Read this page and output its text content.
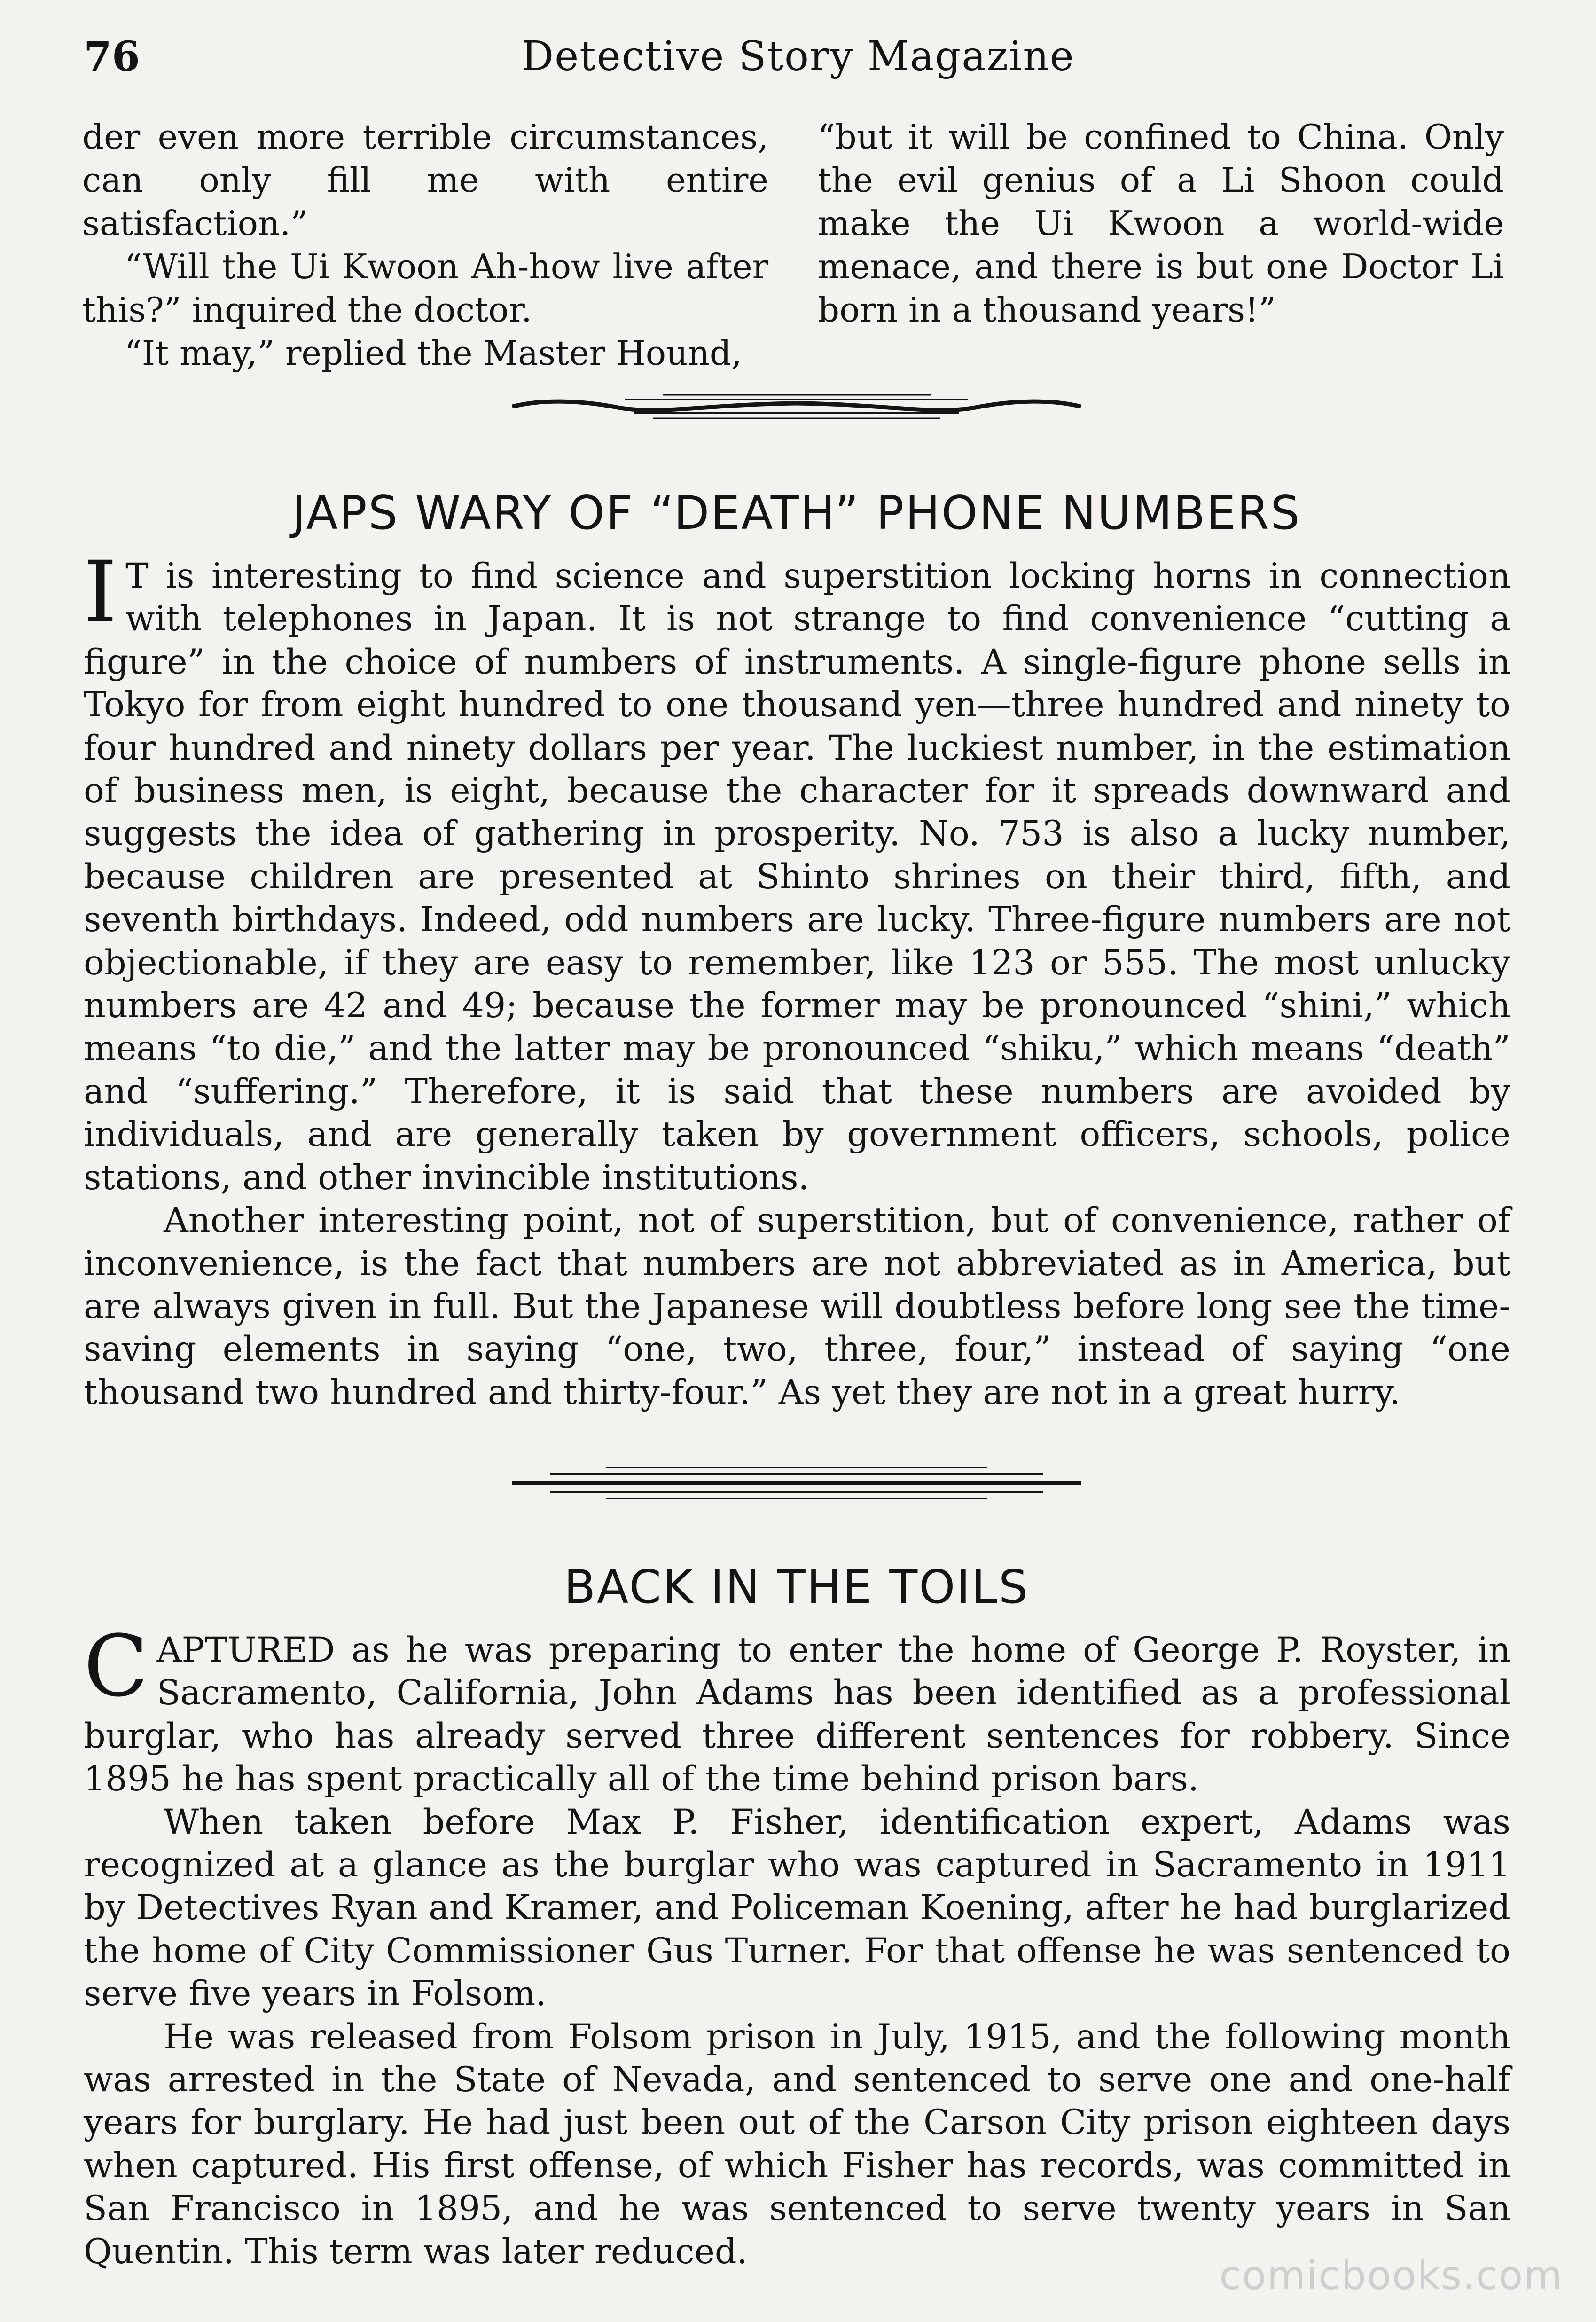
76	Detective Story Magazine

der even more terrible circumstances, can only fill me with entire satisfaction.”

“Will the Ui Kwoon Ah-how live after this?” inquired the doctor.

“It may,” replied the Master Hound,

“but it will be confined to China. Only the evil genius of a Li Shoon could make the Ui Kwoon a world-wide menace, and there is but one Doctor Li born in a thousand years!”

JAPS WARY OF “DEATH” PHONE NUMBERS

I T is interesting to find science and superstition locking horns in connection with telephones in Japan. It is not strange to find convenience “cutting a figure” in the choice of numbers of instruments. A single-figure phone sells in Tokyo for from eight hundred to one thousand yen—three hundred and ninety to four hundred and ninety dollars per year. The luckiest number, in the estimation of business men, is eight, because the character for it spreads downward and suggests the idea of gathering in prosperity. No. 753 is also a lucky number, because children are presented at Shinto shrines on their third, fifth, and seventh birthdays. Indeed, odd numbers are lucky. Three-figure numbers are not objectionable, if they are easy to remember, like 123 or 555. The most unlucky numbers are 42 and 49; because the former may be pronounced “shini,” which means “to die,” and the latter may be pronounced “shiku,” which means “death” and “suffering.” Therefore, it is said that these numbers are avoided by individuals, and are generally taken by government officers, schools, police stations, and other invincible institutions.

Another interesting point, not of superstition, but of convenience, rather of inconvenience, is the fact that numbers are not abbreviated as in America, but are always given in full. But the Japanese will doubtless before long see the time-saving elements in saying “one, two, three, four,” instead of saying “one thousand two hundred and thirty-four.” As yet they are not in a great hurry.

BACK IN THE TOILS

CAPTURED as he was preparing to enter the home of George P. Royster, in Sacramento, California, John Adams has been identified as a professional burglar, who has already served three different sentences for robbery. Since 1895 he has spent practically all of the time behind prison bars.

When taken before Max P. Fisher, identification expert, Adams was recognized at a glance as the burglar who was captured in Sacramento in 1911 by Detectives Ryan and Kramer, and Policeman Koening, after he had burglarized the home of City Commissioner Gus Turner. For that offense he was sentenced to serve five years in Folsom.

He was released from Folsom prison in July, 1915, and the following month was arrested in the State of Nevada, and sentenced to serve one and one-half years for burglary. He had just been out of the Carson City prison eighteen days when captured. His first offense, of which Fisher has records, was committed in San Francisco in 1895, and he was sentenced to serve twenty years in San Quentin. This term was later reduced.

comicbooks.com
